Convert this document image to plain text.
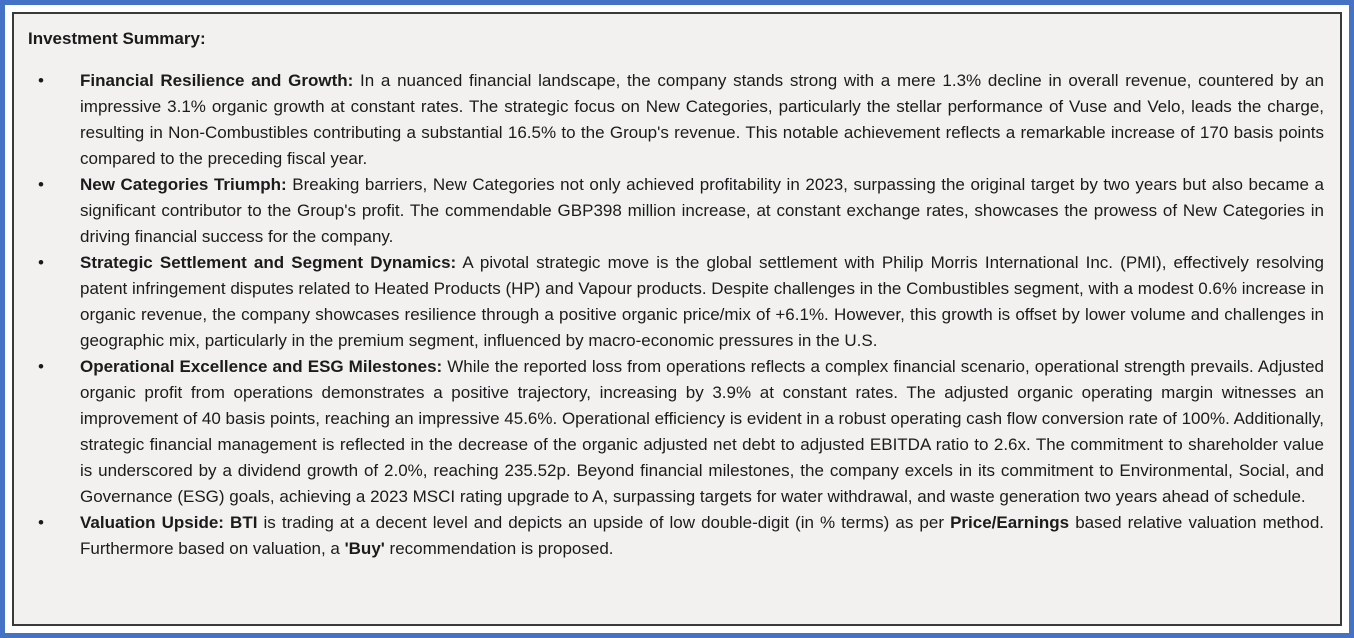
Investment Summary:
• Financial Resilience and Growth: In a nuanced financial landscape, the company stands strong with a mere 1.3% decline in overall revenue, countered by an impressive 3.1% organic growth at constant rates. The strategic focus on New Categories, particularly the stellar performance of Vuse and Velo, leads the charge, resulting in Non-Combustibles contributing a substantial 16.5% to the Group's revenue. This notable achievement reflects a remarkable increase of 170 basis points compared to the preceding fiscal year.
• New Categories Triumph: Breaking barriers, New Categories not only achieved profitability in 2023, surpassing the original target by two years but also became a significant contributor to the Group's profit. The commendable GBP398 million increase, at constant exchange rates, showcases the prowess of New Categories in driving financial success for the company.
• Strategic Settlement and Segment Dynamics: A pivotal strategic move is the global settlement with Philip Morris International Inc. (PMI), effectively resolving patent infringement disputes related to Heated Products (HP) and Vapour products. Despite challenges in the Combustibles segment, with a modest 0.6% increase in organic revenue, the company showcases resilience through a positive organic price/mix of +6.1%. However, this growth is offset by lower volume and challenges in geographic mix, particularly in the premium segment, influenced by macro-economic pressures in the U.S.
• Operational Excellence and ESG Milestones: While the reported loss from operations reflects a complex financial scenario, operational strength prevails. Adjusted organic profit from operations demonstrates a positive trajectory, increasing by 3.9% at constant rates. The adjusted organic operating margin witnesses an improvement of 40 basis points, reaching an impressive 45.6%. Operational efficiency is evident in a robust operating cash flow conversion rate of 100%. Additionally, strategic financial management is reflected in the decrease of the organic adjusted net debt to adjusted EBITDA ratio to 2.6x. The commitment to shareholder value is underscored by a dividend growth of 2.0%, reaching 235.52p. Beyond financial milestones, the company excels in its commitment to Environmental, Social, and Governance (ESG) goals, achieving a 2023 MSCI rating upgrade to A, surpassing targets for water withdrawal, and waste generation two years ahead of schedule.
• Valuation Upside: BTI is trading at a decent level and depicts an upside of low double-digit (in % terms) as per Price/Earnings based relative valuation method. Furthermore based on valuation, a 'Buy' recommendation is proposed.
